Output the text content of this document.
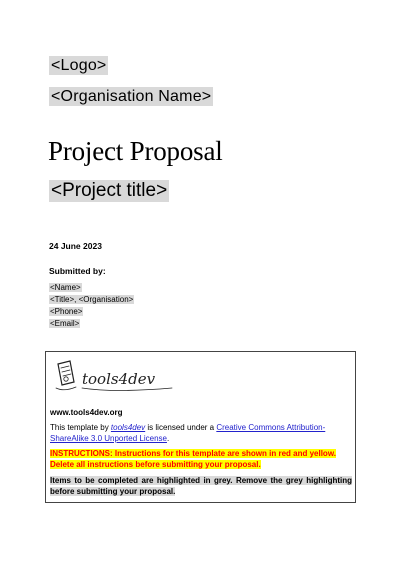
<Logo>
<Organisation Name>
Project Proposal
<Project title>
24 June 2023
Submitted by:
<Name>
<Title>, <Organisation>
<Phone>
<Email>
tools4dev
www.tools4dev.org
This template by tools4dev is licensed under a Creative Commons Attribution-ShareAlike 3.0 Unported License.
INSTRUCTIONS: Instructions for this template are shown in red and yellow. Delete all instructions before submitting your proposal.
Items to be completed are highlighted in grey. Remove the grey highlighting before submitting your proposal.
